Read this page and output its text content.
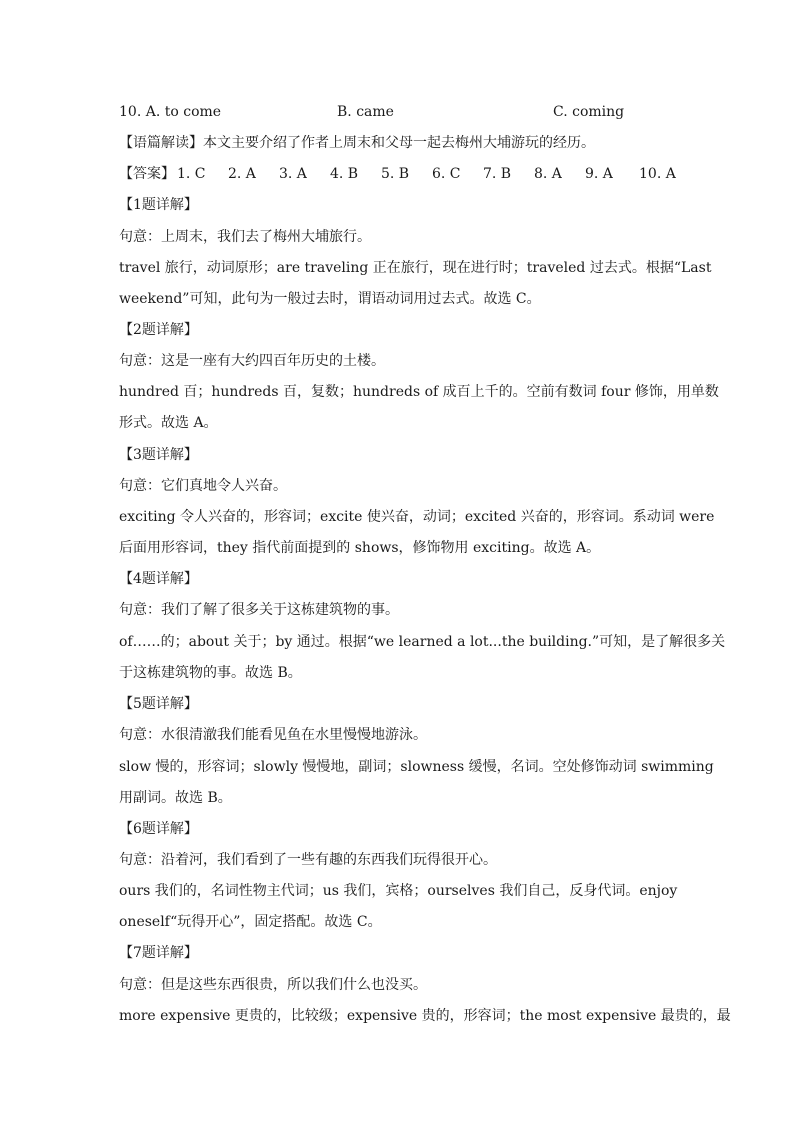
10. A. to come	B. came	C. coming
【语篇解读】本文主要介绍了作者上周末和父母一起去梅州大埔游玩的经历。
【答案】 1. C 2. A 3. A 4. B 5. B 6. C 7. B 8. A 9. A 10. A
【1题详解】
句意：上周末，我们去了梅州大埔旅行。
travel 旅行，动词原形；are traveling 正在旅行，现在进行时；traveled 过去式。根据“Last
weekend”可知，此句为一般过去时，谓语动词用过去式。故选 C。
【2题详解】
句意：这是一座有大约四百年历史的土楼。
hundred 百；hundreds 百，复数；hundreds of 成百上千的。空前有数词 four 修饰，用单数
形式。故选 A。
【3题详解】
句意：它们真地令人兴奋。
exciting 令人兴奋的，形容词；excite 使兴奋，动词；excited 兴奋的，形容词。系动词 were
后面用形容词，they 指代前面提到的 shows，修饰物用 exciting。故选 A。
【4题详解】
句意：我们了解了很多关于这栋建筑物的事。
of……的；about 关于；by 通过。根据“we learned a lot...the building.”可知，是了解很多关
于这栋建筑物的事。故选 B。
【5题详解】
句意：水很清澈我们能看见鱼在水里慢慢地游泳。
slow 慢的，形容词；slowly 慢慢地，副词；slowness 缓慢，名词。空处修饰动词 swimming
用副词。故选 B。
【6题详解】
句意：沿着河，我们看到了一些有趣的东西我们玩得很开心。
ours 我们的，名词性物主代词；us 我们，宾格；ourselves 我们自己，反身代词。enjoy
oneself“玩得开心”，固定搭配。故选 C。
【7题详解】
句意：但是这些东西很贵，所以我们什么也没买。
more expensive 更贵的，比较级；expensive 贵的，形容词；the most expensive 最贵的，最
